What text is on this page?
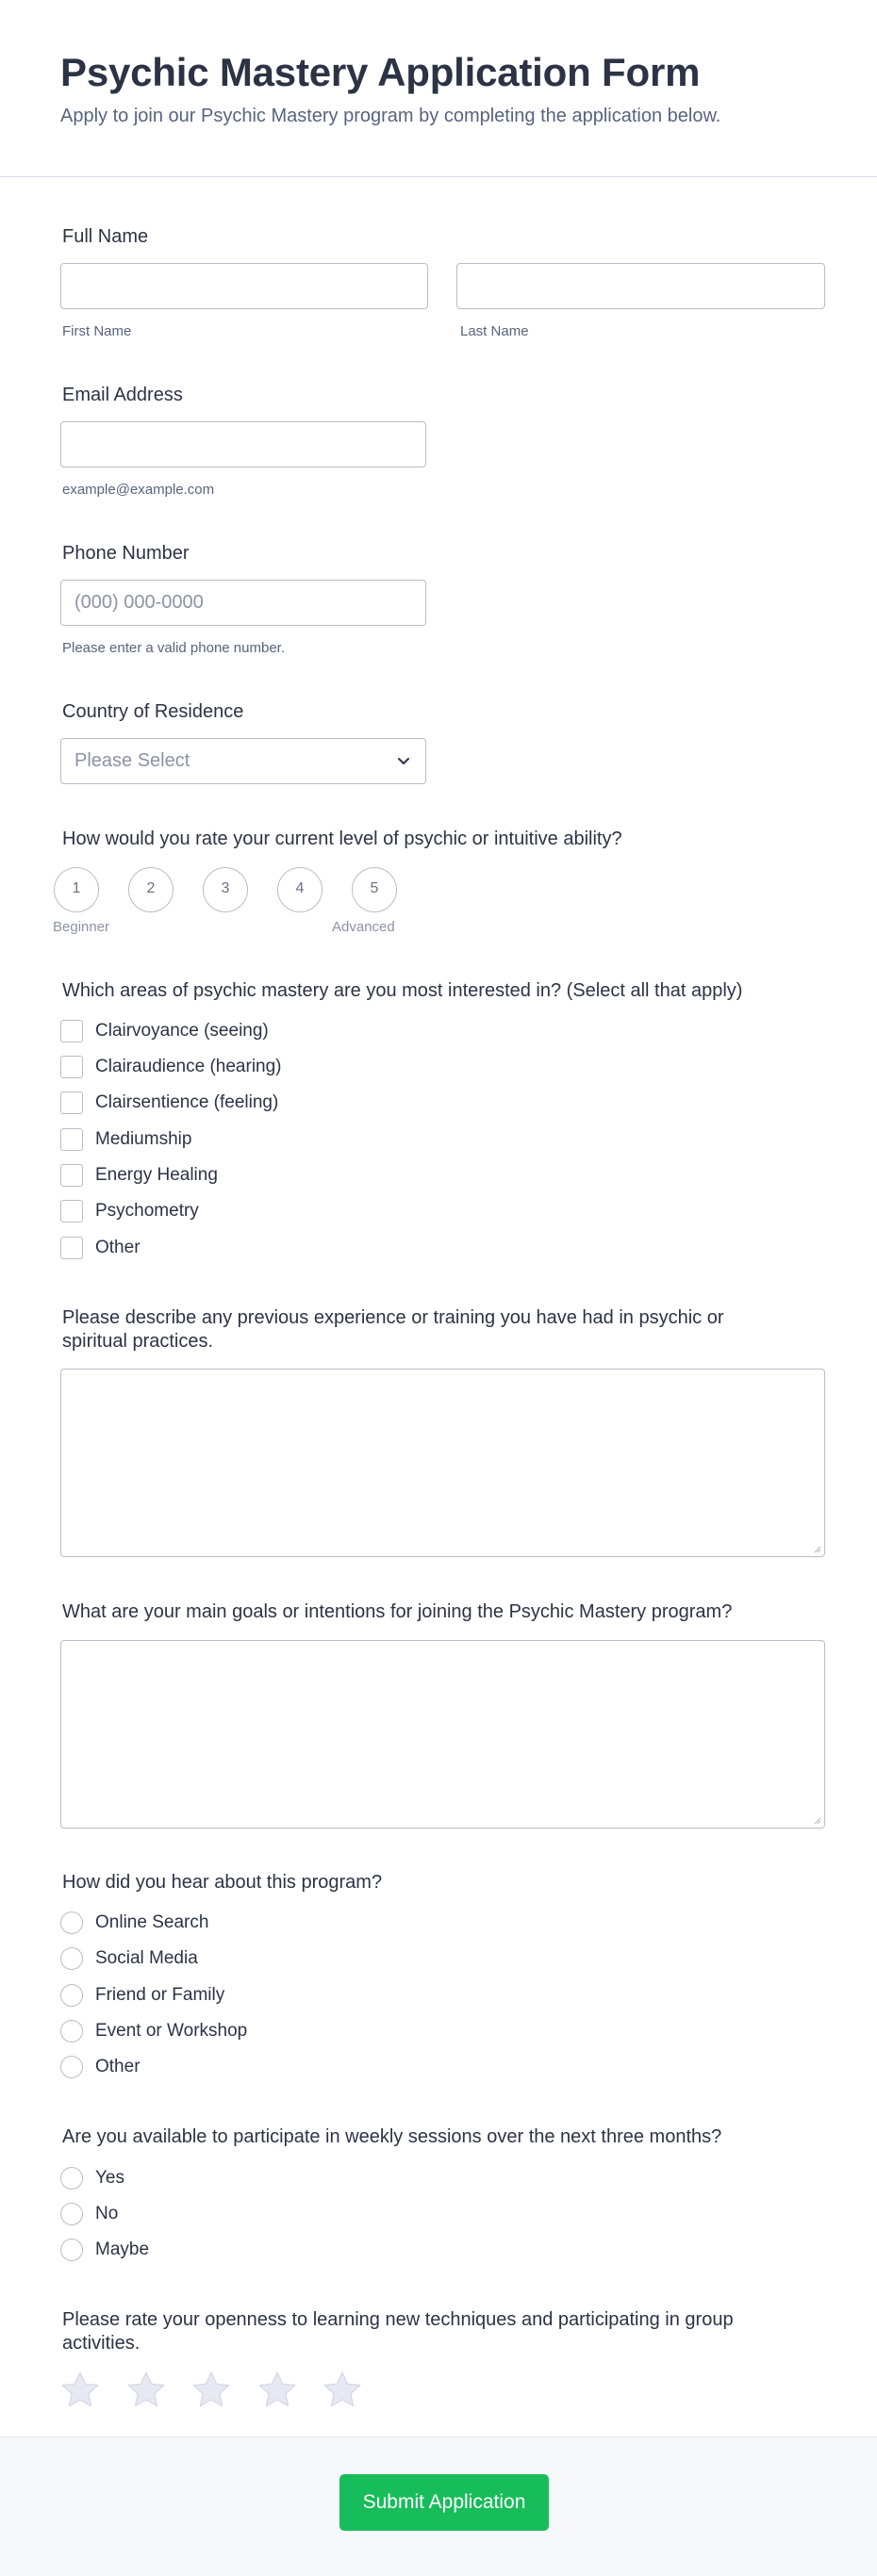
Psychic Mastery Application Form
Apply to join our Psychic Mastery program by completing the application below.
Full Name
First Name	Last Name
Email Address
example@example.com
Phone Number
(000) 000-0000
Please enter a valid phone number.
Country of Residence
Please Select
How would you rate your current level of psychic or intuitive ability?
1	2	3	4	5
Beginner	Advanced
Which areas of psychic mastery are you most interested in? (Select all that apply)
Clairvoyance (seeing)
Clairaudience (hearing)
Clairsentience (feeling)
Mediumship
Energy Healing
Psychometry
Other
Please describe any previous experience or training you have had in psychic or
spiritual practices.
What are your main goals or intentions for joining the Psychic Mastery program?
How did you hear about this program?
Online Search
Social Media
Friend or Family
Event or Workshop
Other
Are you available to participate in weekly sessions over the next three months?
Yes
No
Maybe
Please rate your openness to learning new techniques and participating in group
activities.
Submit Application
